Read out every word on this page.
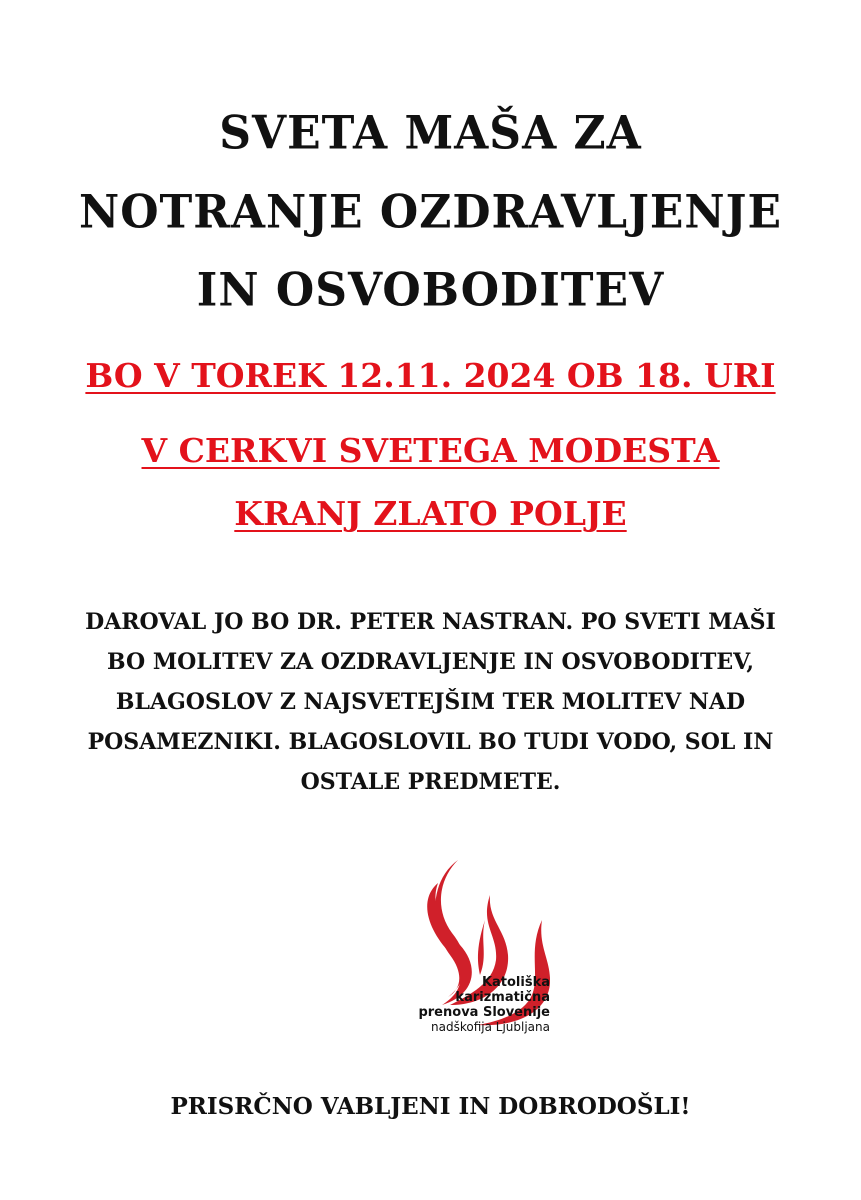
SVETA MAŠA ZA
NOTRANJE OZDRAVLJENJE
IN OSVOBODITEV
BO V TOREK 12.11. 2024 OB 18. URI
V CERKVI SVETEGA MODESTA
KRANJ ZLATO POLJE
DAROVAL JO BO DR. PETER NASTRAN. PO SVETI MAŠI
BO MOLITEV ZA OZDRAVLJENJE IN OSVOBODITEV,
BLAGOSLOV Z NAJSVETEJŠIM TER MOLITEV NAD
POSAMEZNIKI. BLAGOSLOVIL BO TUDI VODO, SOL IN
OSTALE PREDMETE.
Katoliška
karizmatična
prenova Slovenije
nadškofija Ljubljana
PRISRČNO VABLJENI IN DOBRODOŠLI!
